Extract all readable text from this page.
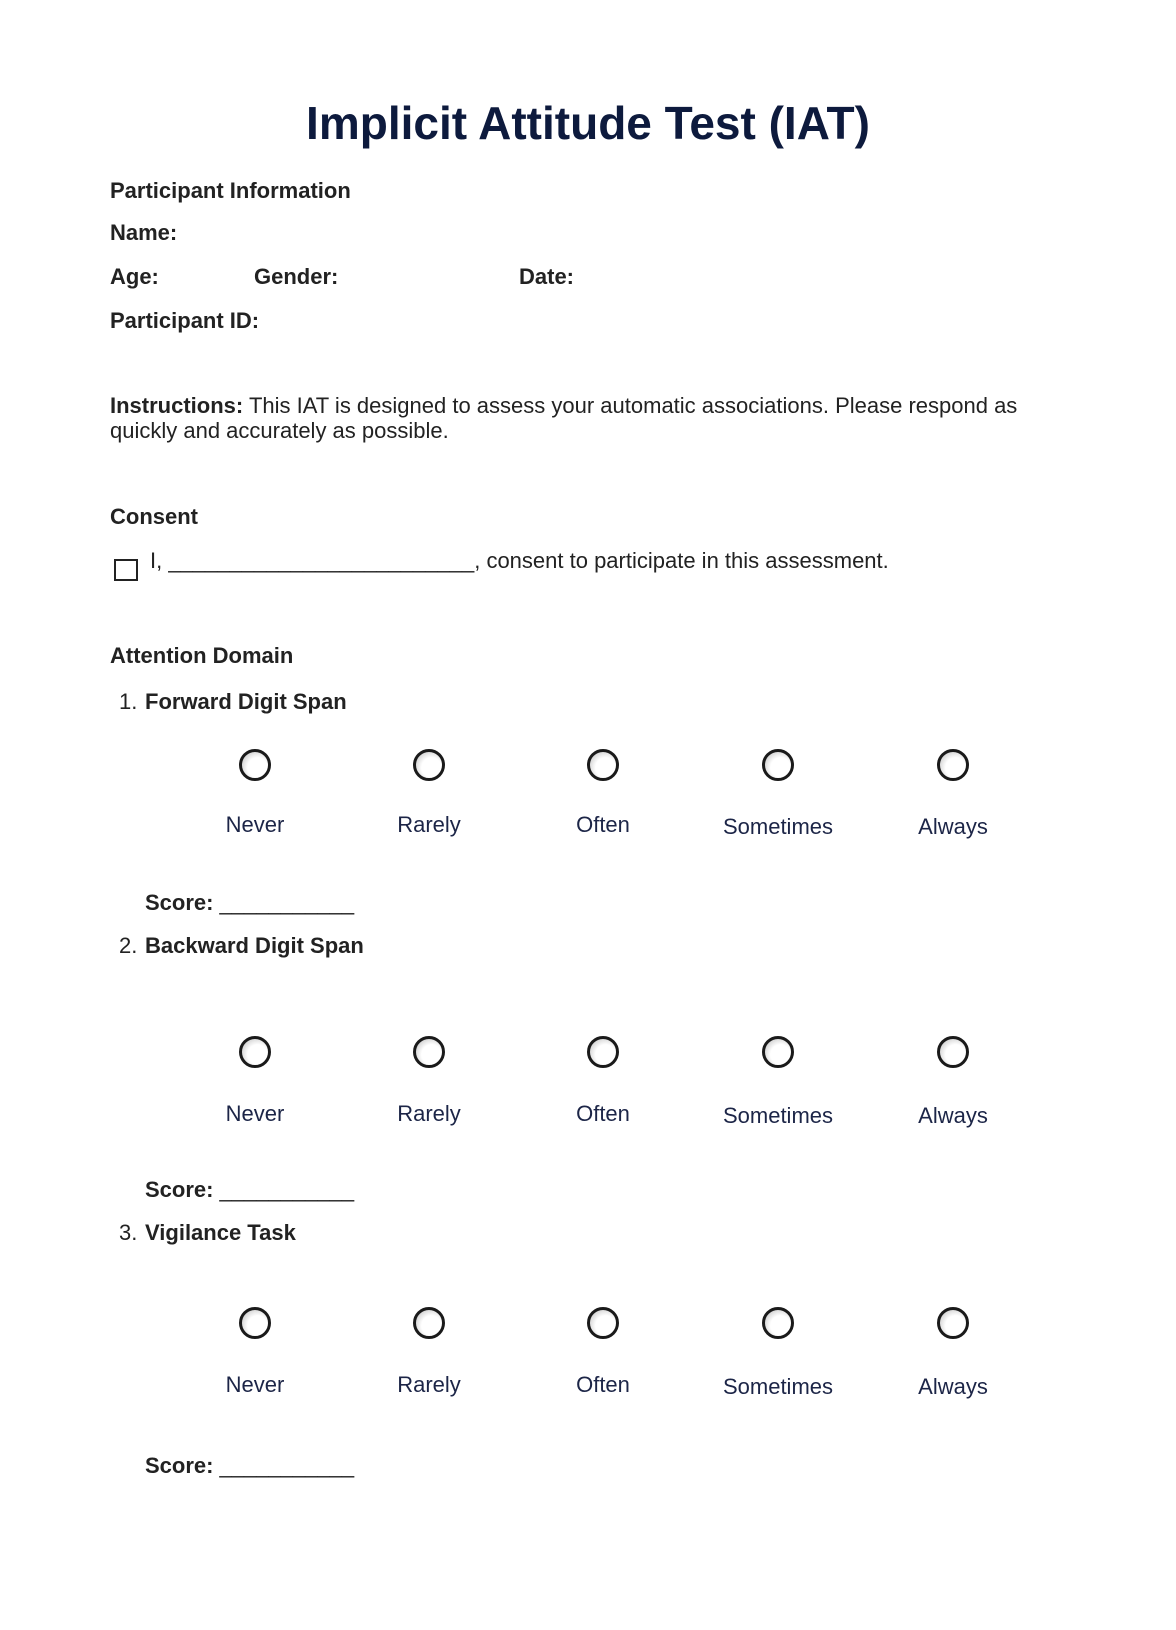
Implicit Attitude Test (IAT)
Participant Information
Name:
Age:	Gender:	Date:
Participant ID:
Instructions: This IAT is designed to assess your automatic associations. Please respond as
quickly and accurately as possible.
Consent
I, _________________________, consent to participate in this assessment.
Attention Domain
1. Forward Digit Span
Never	Rarely	Often	Sometimes	Always
Score: ___________
2. Backward Digit Span
Never	Rarely	Often	Sometimes	Always
Score: ___________
3. Vigilance Task
Never	Rarely	Often	Sometimes	Always
Score: ___________
